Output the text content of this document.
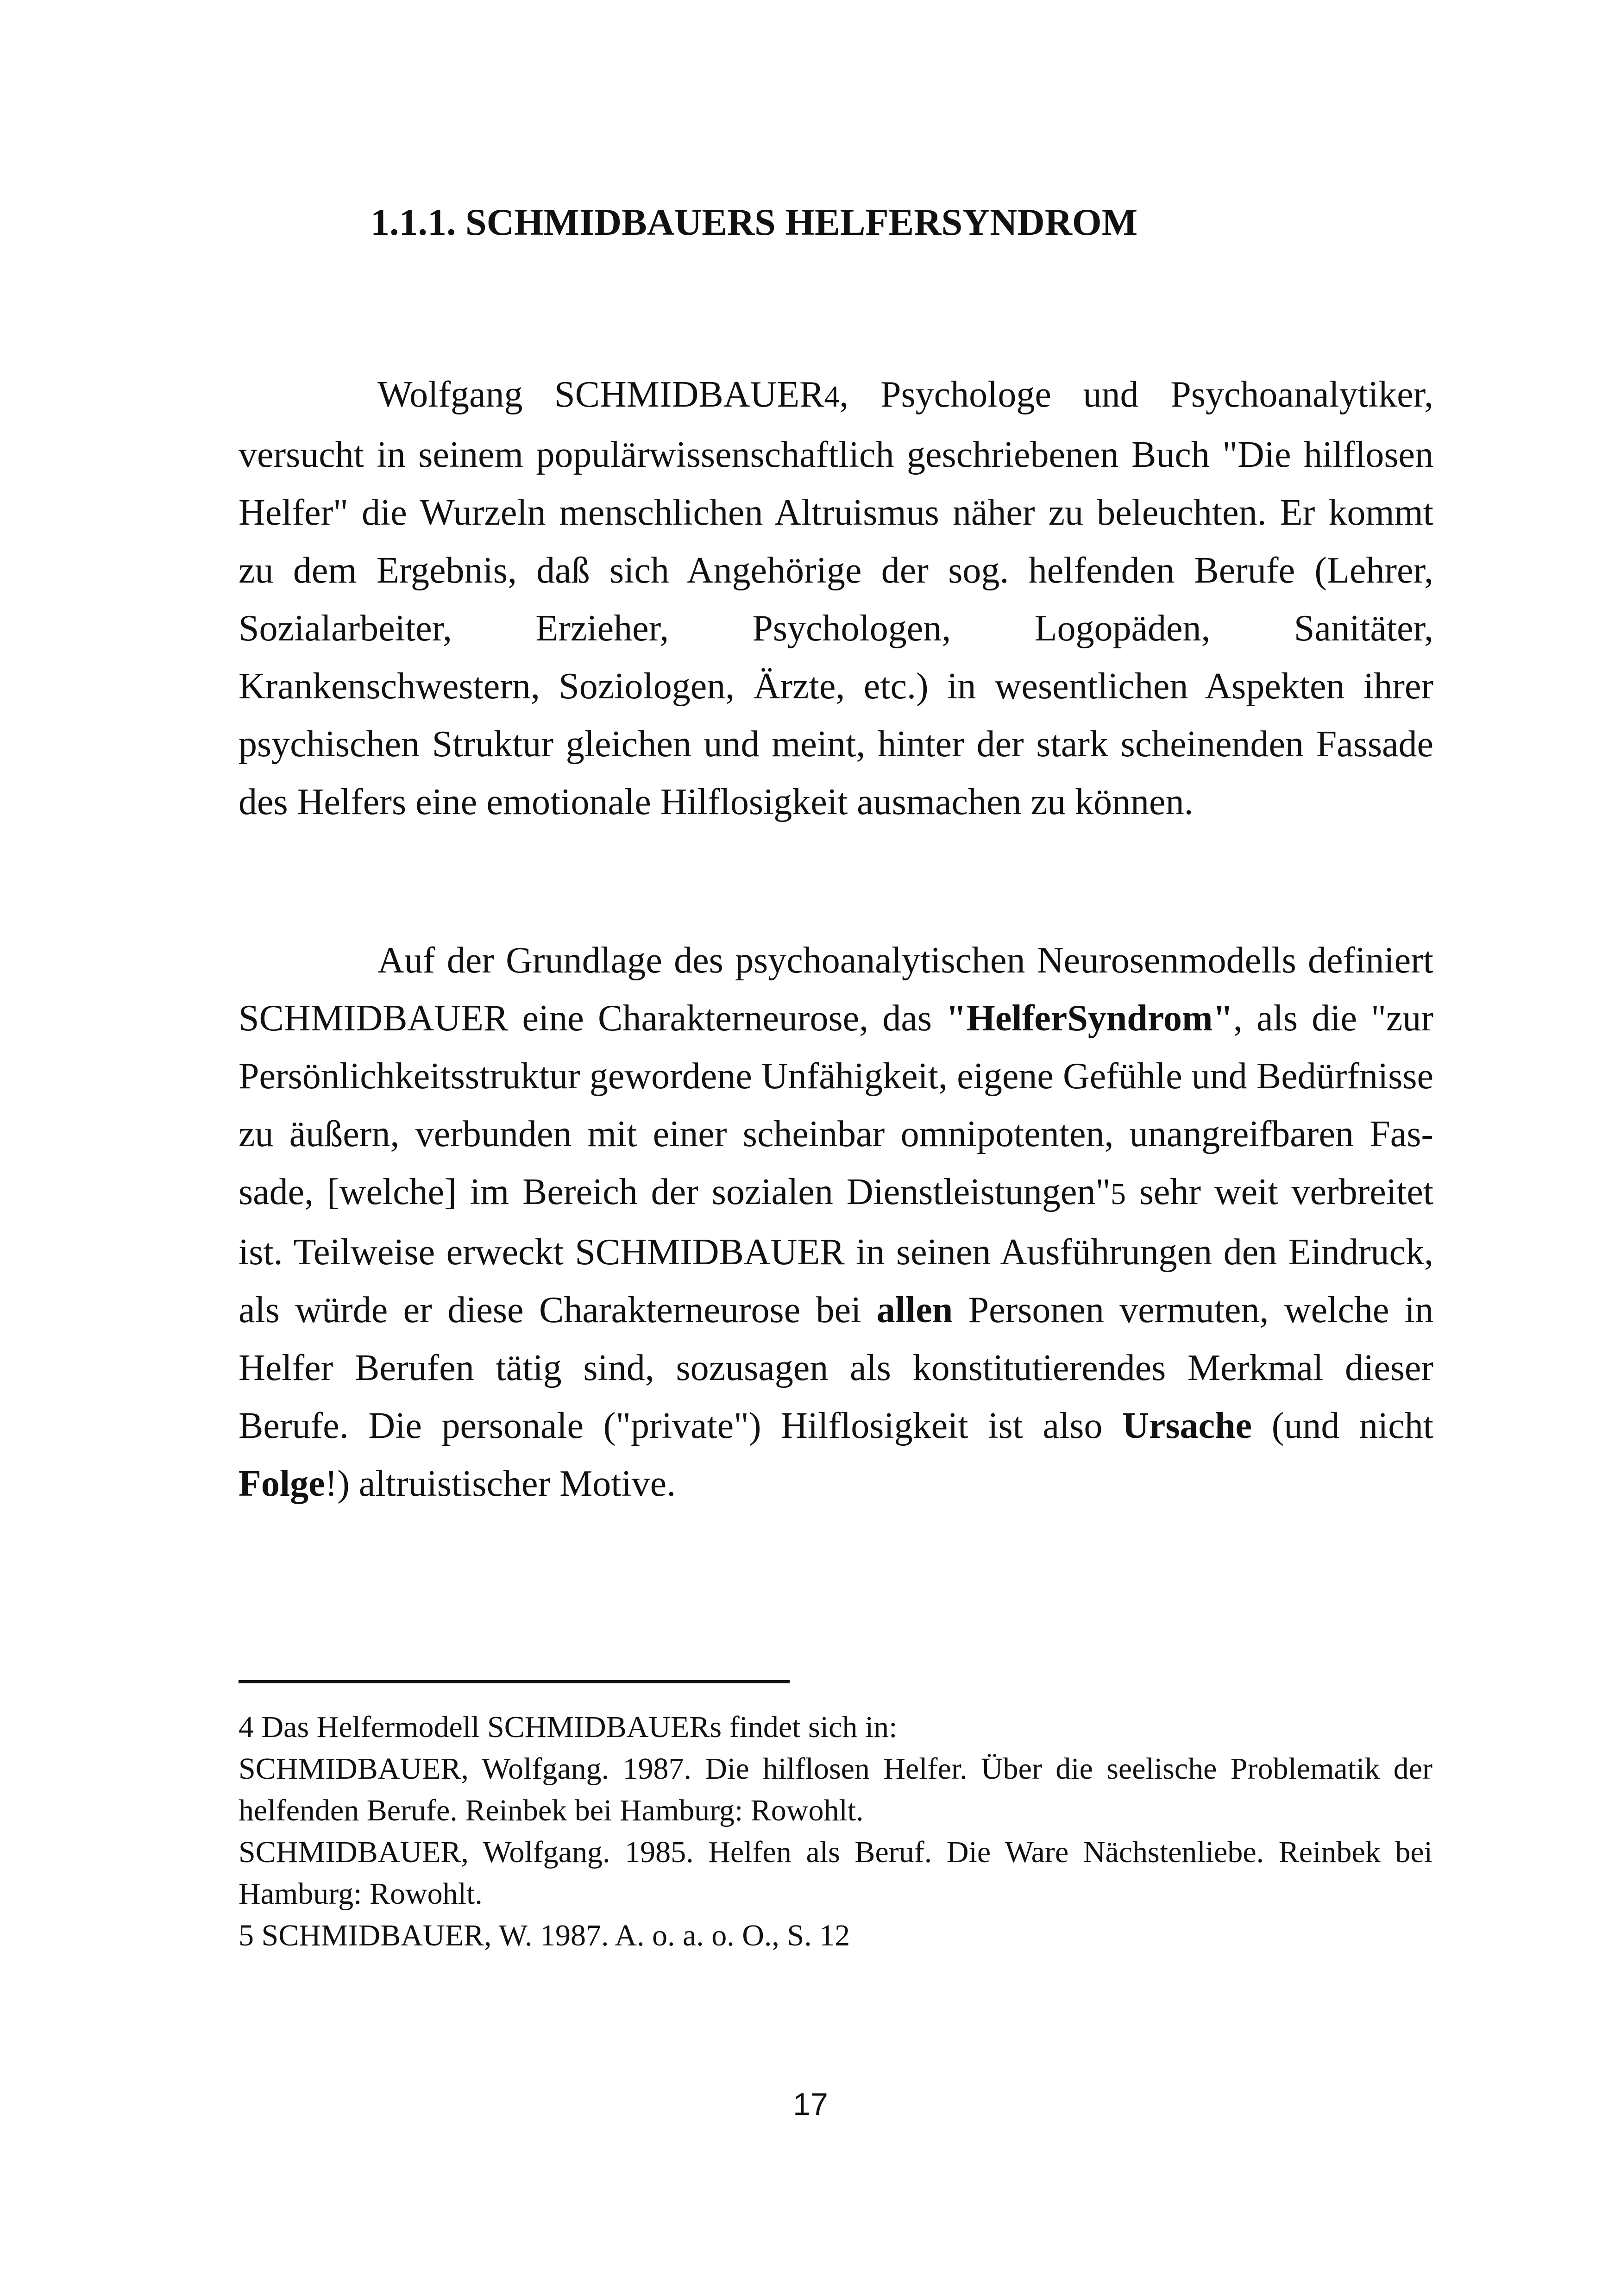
1.1.1. SCHMIDBAUERS HELFERSYNDROM

Wolfgang SCHMIDBAUER4, Psychologe und Psychoanalytiker, versucht in seinem populärwissenschaftlich geschriebenen Buch "Die hilflosen Helfer" die Wurzeln menschlichen Altruismus näher zu beleuchten. Er kommt zu dem Ergebnis, daß sich Angehörige der sog. helfenden Berufe (Lehrer, Sozialarbeiter, Erzieher, Psychologen, Logopäden, Sanitäter, Krankenschwestern, Soziologen, Ärzte, etc.) in wesentlichen Aspekten ihrer psychischen Struktur gleichen und meint, hinter der stark scheinenden Fassade des Helfers eine emotionale Hilflosigkeit ausmachen zu können.

Auf der Grundlage des psychoanalytischen Neurosenmodells definiert SCHMIDBAUER eine Charakterneurose, das "HelferSyndrom", als die "zur Persönlichkeitsstruktur gewordene Unfähigkeit, eigene Gefühle und Bedürfnisse zu äußern, verbunden mit einer scheinbar omnipotenten, unangreifbaren Fassade, [welche] im Bereich der sozialen Dienstleistungen"5 sehr weit verbreitet ist. Teilweise erweckt SCHMIDBAUER in seinen Ausführungen den Eindruck, als würde er diese Charakterneurose bei allen Personen vermuten, welche in Helfer Berufen tätig sind, sozusagen als konstitutierendes Merkmal dieser Berufe. Die personale ("private") Hilflosigkeit ist also Ursache (und nicht Folge!) altruistischer Motive.

4 Das Helfermodell SCHMIDBAUERs findet sich in:

SCHMIDBAUER, Wolfgang. 1987. Die hilflosen Helfer. Über die seelische Problematik der helfenden Berufe. Reinbek bei Hamburg: Rowohlt.

SCHMIDBAUER, Wolfgang. 1985. Helfen als Beruf. Die Ware Nächstenliebe. Reinbek bei Hamburg: Rowohlt.

5 SCHMIDBAUER, W. 1987. A. o. a. o. O., S. 12

17
